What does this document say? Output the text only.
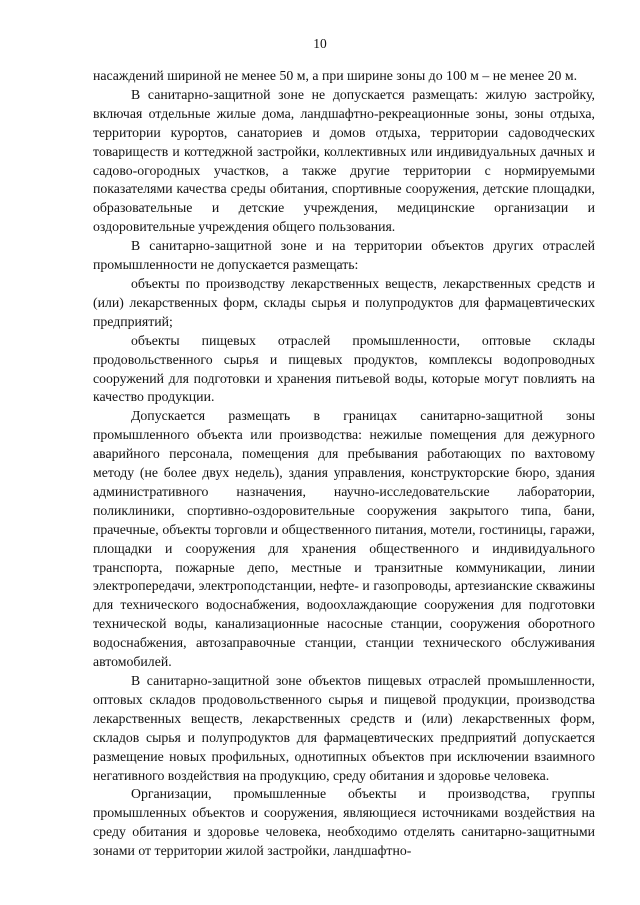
10

насаждений шириной не менее 50 м, а при ширине зоны до 100 м – не менее 20 м.

В санитарно-защитной зоне не допускается размещать: жилую застройку, включая отдельные жилые дома, ландшафтно-рекреационные зоны, зоны отдыха, территории курортов, санаториев и домов отдыха, территории садоводческих товариществ и коттеджной застройки, коллективных или индивидуальных дачных и садово-огородных участков, а также другие территории с нормируемыми показателями качества среды обитания, спортивные сооружения, детские площадки, образовательные и детские учреждения, медицинские организации и оздоровительные учреждения общего пользования.

В санитарно-защитной зоне и на территории объектов других отраслей промышленности не допускается размещать:

объекты по производству лекарственных веществ, лекарственных средств и (или) лекарственных форм, склады сырья и полупродуктов для фармацевтических предприятий;

объекты пищевых отраслей промышленности, оптовые склады продовольственного сырья и пищевых продуктов, комплексы водопроводных сооружений для подготовки и хранения питьевой воды, которые могут повлиять на качество продукции.

Допускается размещать в границах санитарно-защитной зоны промышленного объекта или производства: нежилые помещения для дежурного аварийного персонала, помещения для пребывания работающих по вахтовому методу (не более двух недель), здания управления, конструкторские бюро, здания административного назначения, научно-исследовательские лаборатории, поликлиники, спортивно-оздоровительные сооружения закрытого типа, бани, прачечные, объекты торговли и общественного питания, мотели, гостиницы, гаражи, площадки и сооружения для хранения общественного и индивидуального транспорта, пожарные депо, местные и транзитные коммуникации, линии электропередачи, электроподстанции, нефте- и газопроводы, артезианские скважины для технического водоснабжения, водоохлаждающие сооружения для подготовки технической воды, канализационные насосные станции, сооружения оборотного водоснабжения, автозаправочные станции, станции технического обслуживания автомобилей.

В санитарно-защитной зоне объектов пищевых отраслей промышленности, оптовых складов продовольственного сырья и пищевой продукции, производства лекарственных веществ, лекарственных средств и (или) лекарственных форм, складов сырья и полупродуктов для фармацевтических предприятий допускается размещение новых профильных, однотипных объектов при исключении взаимного негативного воздействия на продукцию, среду обитания и здоровье человека.

Организации, промышленные объекты и производства, группы промышленных объектов и сооружения, являющиеся источниками воздействия на среду обитания и здоровье человека, необходимо отделять санитарно-защитными зонами от территории жилой застройки, ландшафтно-
